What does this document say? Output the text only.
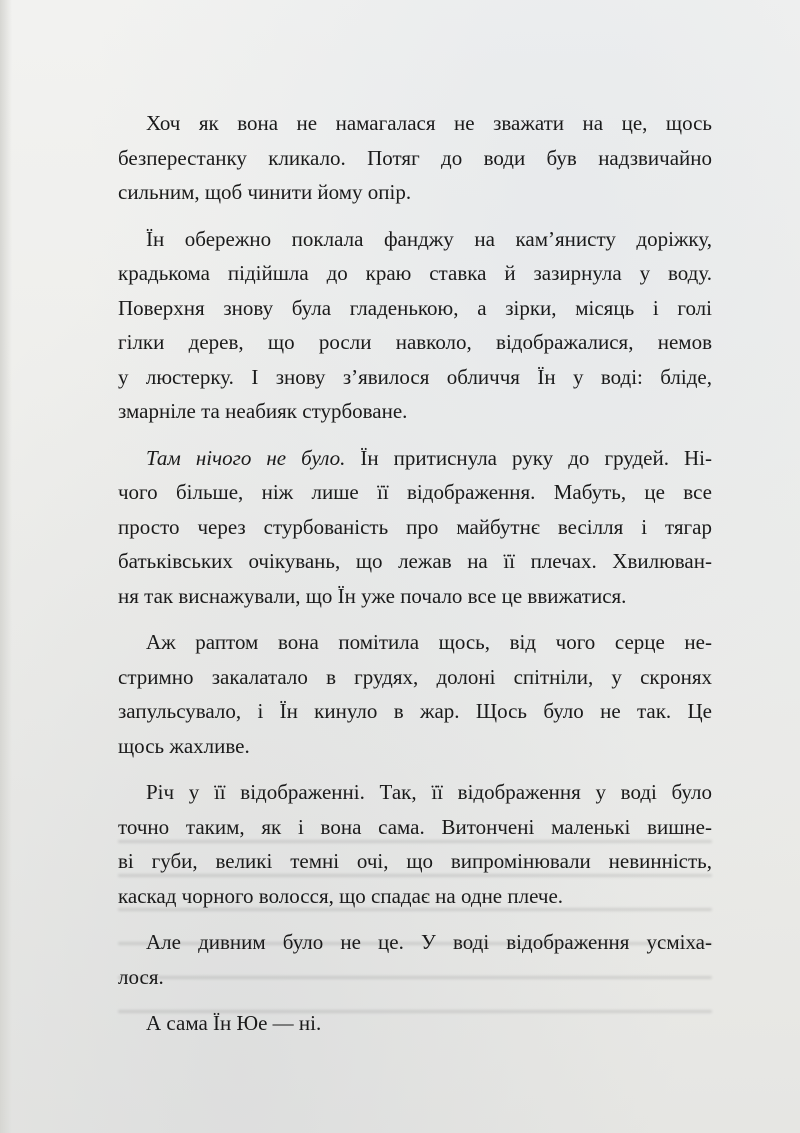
Хоч як вона не намагалася не зважати на це, щось
безперестанку кликало. Потяг до води був надзвичайно
сильним, щоб чинити йому опір.

Їн обережно поклала фанджу на кам’янисту доріжку,
крадькома підійшла до краю ставка й зазирнула у воду.
Поверхня знову була гладенькою, а зірки, місяць і голі
гілки дерев, що росли навколо, відображалися, немов
у люстерку. І знову з’явилося обличчя Їн у воді: бліде,
змарніле та неабияк стурбоване.

Там нічого не було. Їн притиснула руку до грудей. Ні-
чого більше, ніж лише її відображення. Мабуть, це все
просто через стурбованість про майбутнє весілля і тягар
батьківських очікувань, що лежав на її плечах. Хвилюван-
ня так виснажували, що Їн уже почало все це ввижатися.

Аж раптом вона помітила щось, від чого серце не-
стримно закалатало в грудях, долоні спітніли, у скронях
запульсувало, і Їн кинуло в жар. Щось було не так. Це
щось жахливе.

Річ у її відображенні. Так, її відображення у воді було
точно таким, як і вона сама. Витончені маленькі вишне-
ві губи, великі темні очі, що випромінювали невинність,
каскад чорного волосся, що спадає на одне плече.

Але дивним було не це. У воді відображення усміха-
лося.

А сама Їн Юе — ні.
